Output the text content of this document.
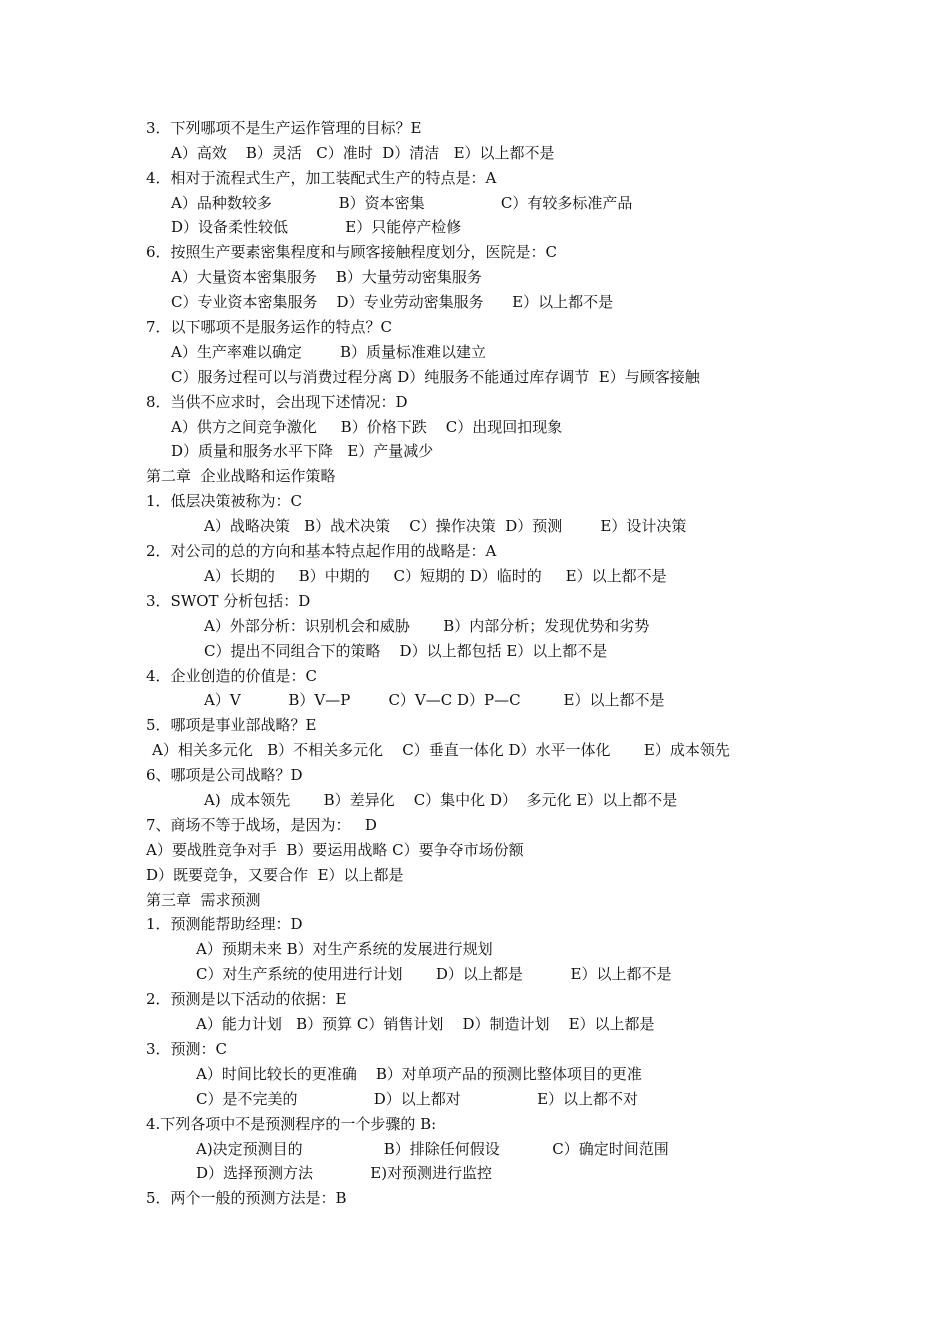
3．下列哪项不是生产运作管理的目标？E
A）高效    B）灵活   C）准时  D）清洁   E）以上都不是
4．相对于流程式生产，加工装配式生产的特点是：A
A）品种数较多              B）资本密集                C）有较多标准产品
D）设备柔性较低            E）只能停产检修
6．按照生产要素密集程度和与顾客接触程度划分，医院是：C
A）大量资本密集服务    B）大量劳动密集服务
C）专业资本密集服务    D）专业劳动密集服务      E）以上都不是
7．以下哪项不是服务运作的特点？C
A）生产率难以确定        B）质量标准难以建立
C）服务过程可以与消费过程分离 D）纯服务不能通过库存调节  E）与顾客接触
8．当供不应求时，会出现下述情况：D
A）供方之间竞争激化     B）价格下跌    C）出现回扣现象
D）质量和服务水平下降   E）产量减少
第二章  企业战略和运作策略
1．低层决策被称为：C
A）战略决策   B）战术决策    C）操作决策  D）预测        E）设计决策
2．对公司的总的方向和基本特点起作用的战略是：A
A）长期的     B）中期的     C）短期的 D）临时的     E）以上都不是
3．SWOT 分析包括：D
A）外部分析：识别机会和威胁       B）内部分析；发现优势和劣势
C）提出不同组合下的策略    D）以上都包括 E）以上都不是
4．企业创造的价值是：C
A）V          B）V—P        C）V—C D）P—C         E）以上都不是
5．哪项是事业部战略？E
A）相关多元化   B）不相关多元化    C）垂直一体化 D）水平一体化       E）成本领先
6、哪项是公司战略？D
A)  成本领先       B）差异化    C）集中化 D）  多元化 E）以上都不是
7、商场不等于战场，是因为：   D
A）要战胜竞争对手  B）要运用战略 C）要争夺市场份额
D）既要竞争，又要合作  E）以上都是
第三章  需求预测
1．预测能帮助经理：D
A）预期未来 B）对生产系统的发展进行规划
C）对生产系统的使用进行计划       D）以上都是          E）以上都不是
2．预测是以下活动的依据：E
A）能力计划   B）预算 C）销售计划    D）制造计划    E）以上都是
3．预测：C
A）时间比较长的更准确    B）对单项产品的预测比整体项目的更准
C）是不完美的                D）以上都对                E）以上都不对
4.下列各项中不是预测程序的一个步骤的 B:
A)决定预测目的                 B）排除任何假设           C）确定时间范围
D）选择预测方法            E)对预测进行监控
5．两个一般的预测方法是：B
